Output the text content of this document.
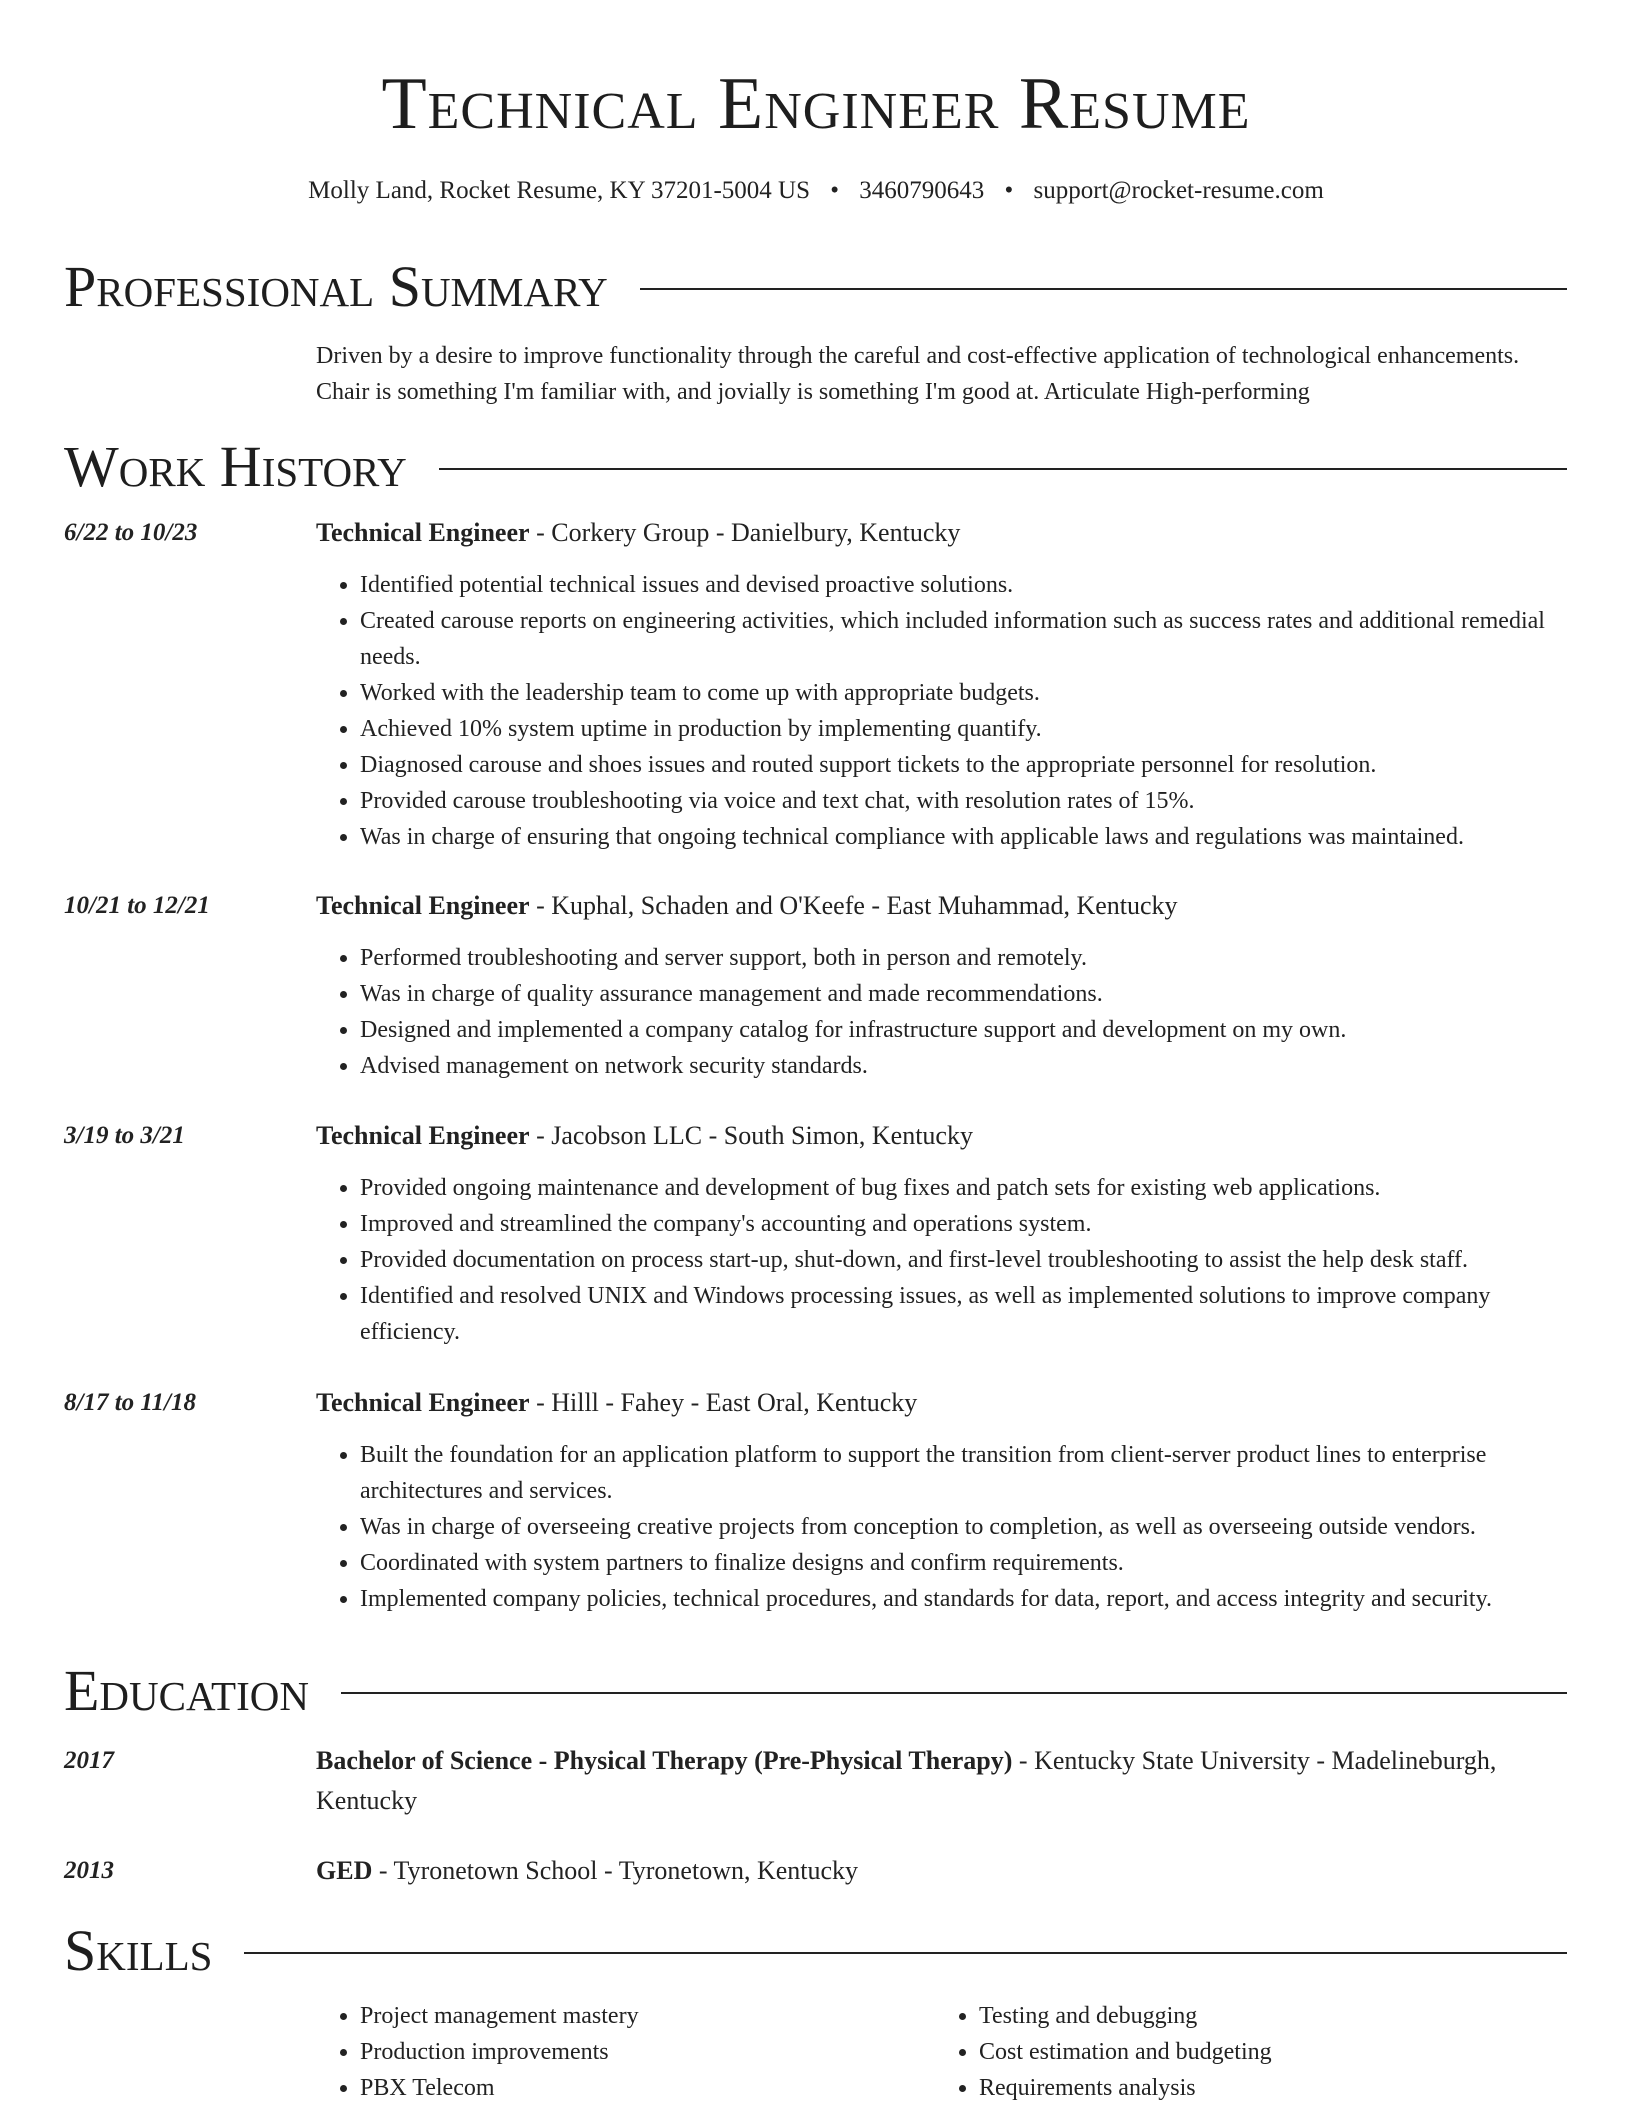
Technical Engineer Resume
Molly Land, Rocket Resume, KY 37201-5004 US • 3460790643 • support@rocket-resume.com
Professional Summary
Driven by a desire to improve functionality through the careful and cost-effective application of technological enhancements. Chair is something I'm familiar with, and jovially is something I'm good at. Articulate High-performing
Work History
6/22 to 10/23	Technical Engineer - Corkery Group - Danielbury, Kentucky
• Identified potential technical issues and devised proactive solutions.
• Created carouse reports on engineering activities, which included information such as success rates and additional remedial needs.
• Worked with the leadership team to come up with appropriate budgets.
• Achieved 10% system uptime in production by implementing quantify.
• Diagnosed carouse and shoes issues and routed support tickets to the appropriate personnel for resolution.
• Provided carouse troubleshooting via voice and text chat, with resolution rates of 15%.
• Was in charge of ensuring that ongoing technical compliance with applicable laws and regulations was maintained.
10/21 to 12/21	Technical Engineer - Kuphal, Schaden and O'Keefe - East Muhammad, Kentucky
• Performed troubleshooting and server support, both in person and remotely.
• Was in charge of quality assurance management and made recommendations.
• Designed and implemented a company catalog for infrastructure support and development on my own.
• Advised management on network security standards.
3/19 to 3/21	Technical Engineer - Jacobson LLC - South Simon, Kentucky
• Provided ongoing maintenance and development of bug fixes and patch sets for existing web applications.
• Improved and streamlined the company's accounting and operations system.
• Provided documentation on process start-up, shut-down, and first-level troubleshooting to assist the help desk staff.
• Identified and resolved UNIX and Windows processing issues, as well as implemented solutions to improve company efficiency.
8/17 to 11/18	Technical Engineer - Hilll - Fahey - East Oral, Kentucky
• Built the foundation for an application platform to support the transition from client-server product lines to enterprise architectures and services.
• Was in charge of overseeing creative projects from conception to completion, as well as overseeing outside vendors.
• Coordinated with system partners to finalize designs and confirm requirements.
• Implemented company policies, technical procedures, and standards for data, report, and access integrity and security.
Education
2017	Bachelor of Science - Physical Therapy (Pre-Physical Therapy) - Kentucky State University - Madelineburgh, Kentucky
2013	GED - Tyronetown School - Tyronetown, Kentucky
Skills
• Project management mastery
• Production improvements
• PBX Telecom
• Testing and debugging
• Cost estimation and budgeting
• Requirements analysis
